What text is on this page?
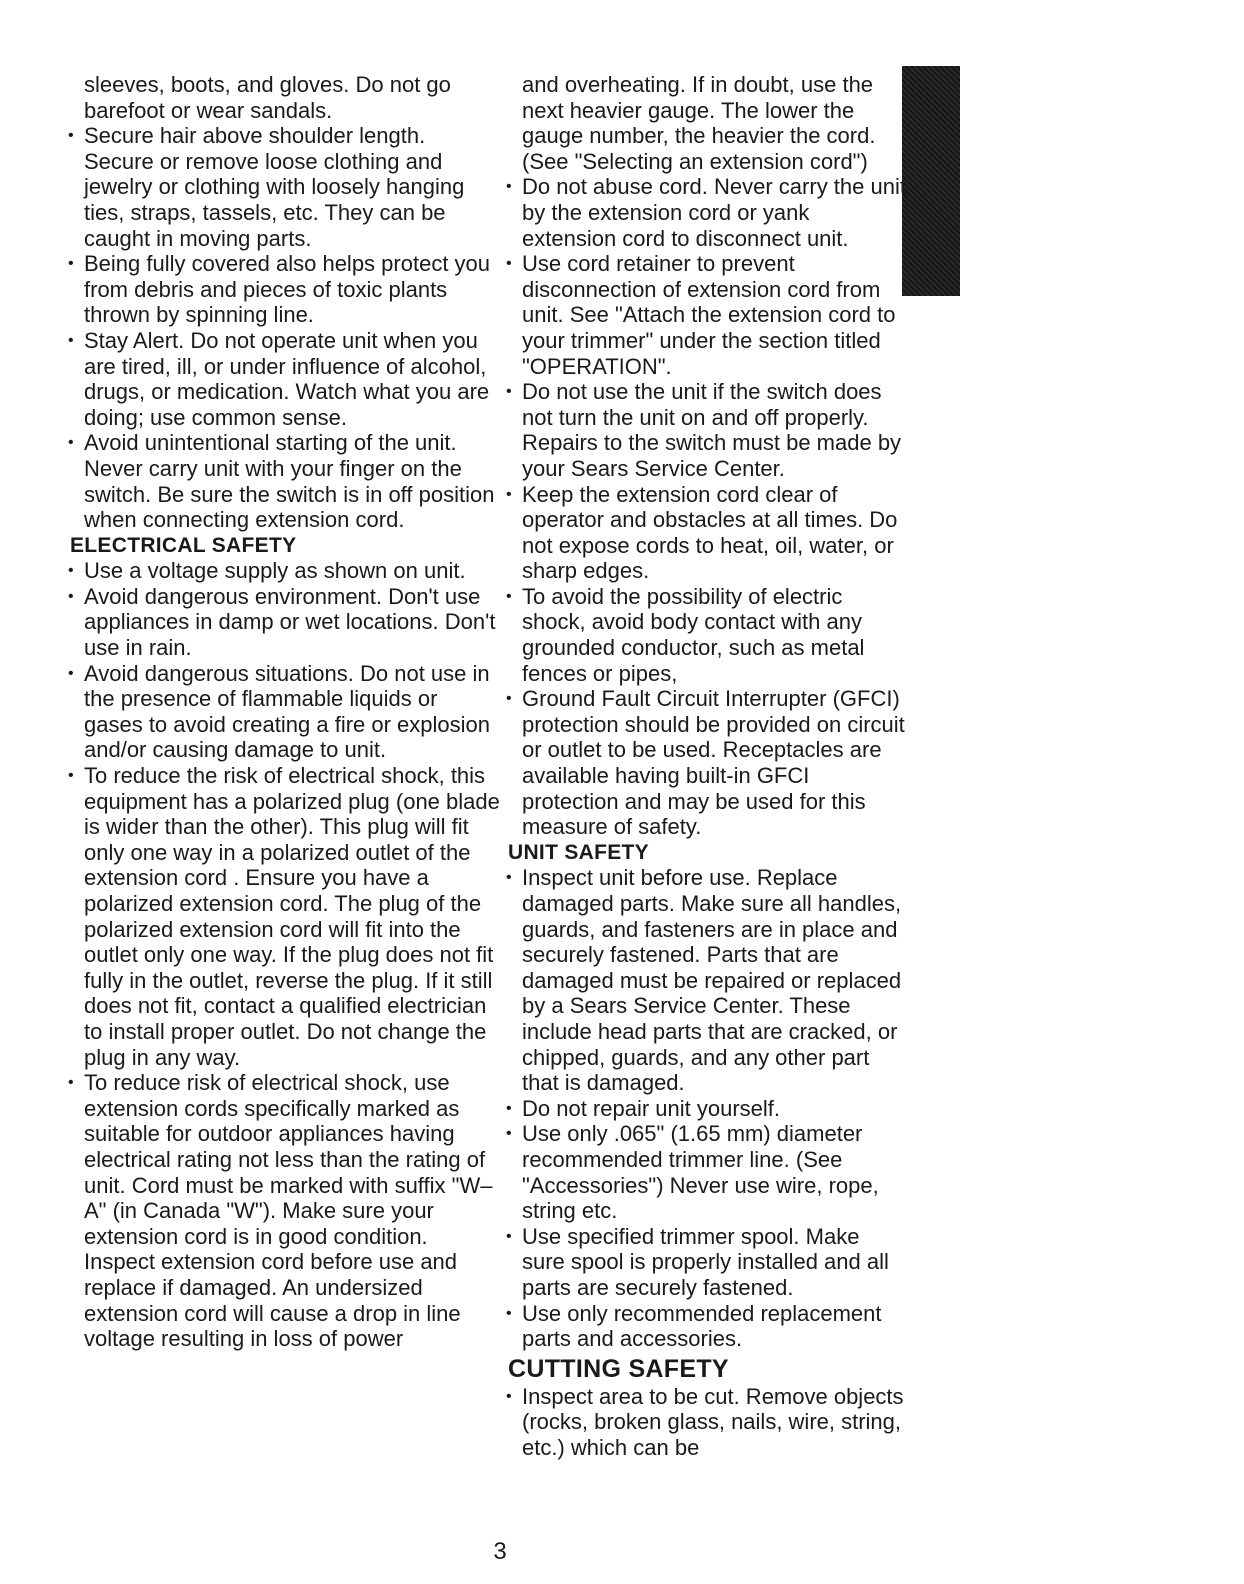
sleeves, boots, and gloves. Do not go barefoot or wear sandals.

• Secure hair above shoulder length. Secure or remove loose clothing and jewelry or clothing with loosely hanging ties, straps, tassels, etc. They can be caught in moving parts.

• Being fully covered also helps protect you from debris and pieces of toxic plants thrown by spinning line.

• Stay Alert. Do not operate unit when you are tired, ill, or under influence of alcohol, drugs, or medication. Watch what you are doing; use common sense.

• Avoid unintentional starting of the unit. Never carry unit with your finger on the switch. Be sure the switch is in off position when connecting extension cord.

ELECTRICAL SAFETY

• Use a voltage supply as shown on unit.

• Avoid dangerous environment. Don't use appliances in damp or wet locations. Don't use in rain.

• Avoid dangerous situations. Do not use in the presence of flammable liquids or gases to avoid creating a fire or explosion and/or causing damage to unit.

• To reduce the risk of electrical shock, this equipment has a polarized plug (one blade is wider than the other). This plug will fit only one way in a polarized outlet of the extension cord . Ensure you have a polarized extension cord. The plug of the polarized extension cord will fit into the outlet only one way. If the plug does not fit fully in the outlet, reverse the plug. If it still does not fit, contact a qualified electrician to install proper outlet. Do not change the plug in any way.

• To reduce risk of electrical shock, use extension cords specifically marked as suitable for outdoor appliances having electrical rating not less than the rating of unit. Cord must be marked with suffix "W–A" (in Canada "W"). Make sure your extension cord is in good condition. Inspect extension cord before use and replace if damaged. An undersized extension cord will cause a drop in line voltage resulting in loss of power

and overheating. If in doubt, use the next heavier gauge. The lower the gauge number, the heavier the cord. (See "Selecting an extension cord")

• Do not abuse cord. Never carry the unit by the extension cord or yank extension cord to disconnect unit.

• Use cord retainer to prevent disconnection of extension cord from unit. See "Attach the extension cord to your trimmer" under the section titled "OPERATION".

• Do not use the unit if the switch does not turn the unit on and off properly. Repairs to the switch must be made by your Sears Service Center.

• Keep the extension cord clear of operator and obstacles at all times. Do not expose cords to heat, oil, water, or sharp edges.

• To avoid the possibility of electric shock, avoid body contact with any grounded conductor, such as metal fences or pipes,

• Ground Fault Circuit Interrupter (GFCI) protection should be provided on circuit or outlet to be used. Receptacles are available having built-in GFCI protection and may be used for this measure of safety.

UNIT SAFETY

• Inspect unit before use. Replace damaged parts. Make sure all handles, guards, and fasteners are in place and securely fastened. Parts that are damaged must be repaired or replaced by a Sears Service Center. These include head parts that are cracked, or chipped, guards, and any other part that is damaged.

• Do not repair unit yourself.

• Use only .065" (1.65 mm) diameter recommended trimmer line. (See "Accessories") Never use wire, rope, string etc.

• Use specified trimmer spool. Make sure spool is properly installed and all parts are securely fastened.

• Use only recommended replacement parts and accessories.

CUTTING SAFETY

• Inspect area to be cut. Remove objects (rocks, broken glass, nails, wire, string, etc.) which can be

3
